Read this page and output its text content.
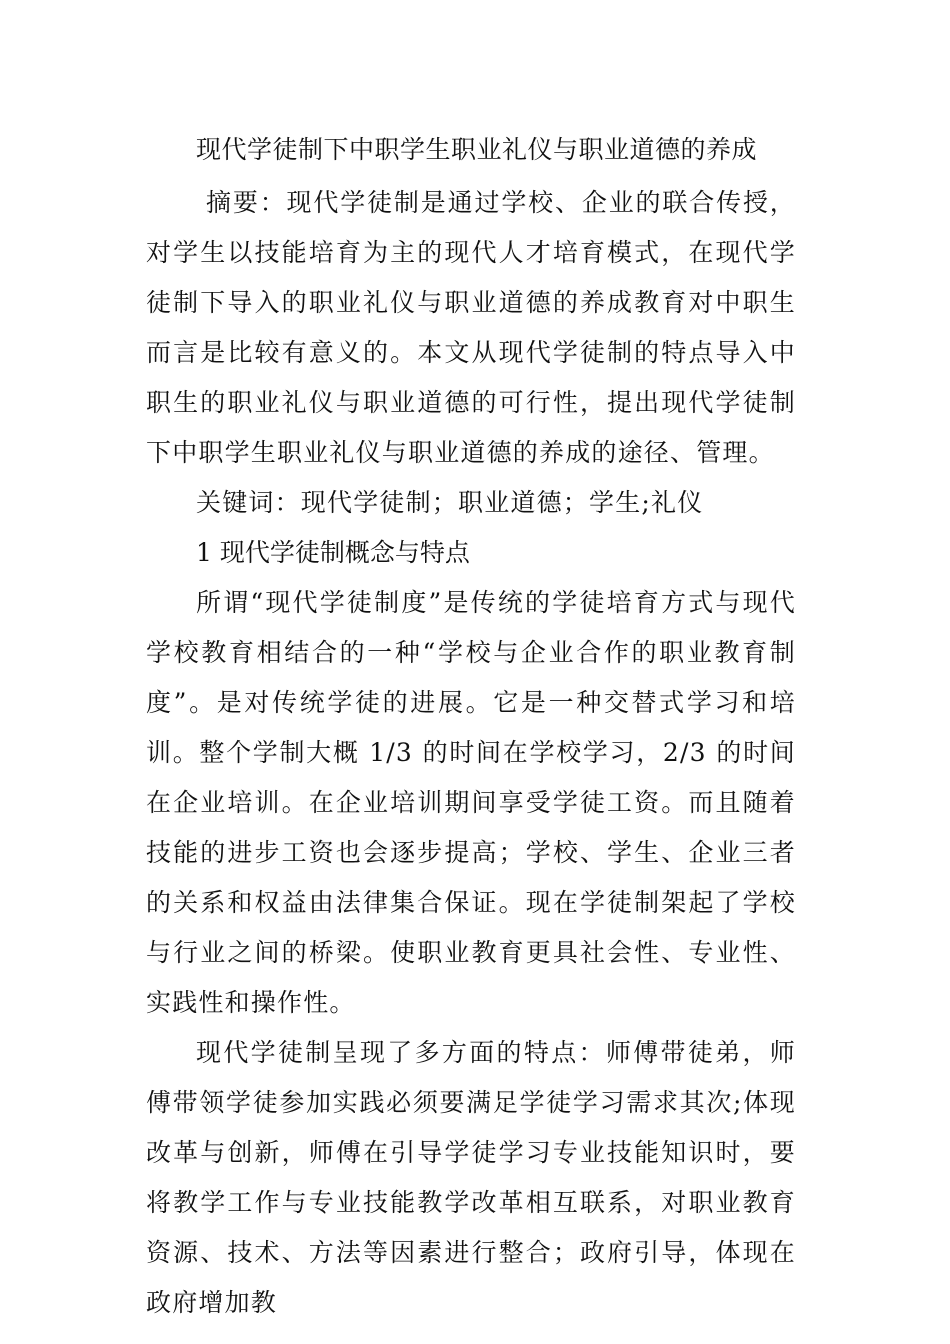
现代学徒制下中职学生职业礼仪与职业道德的养成

摘要：现代学徒制是通过学校、企业的联合传授，对学生以技能培育为主的现代人才培育模式，在现代学徒制下导入的职业礼仪与职业道德的养成教育对中职生而言是比较有意义的。本文从现代学徒制的特点导入中职生的职业礼仪与职业道德的可行性，提出现代学徒制下中职学生职业礼仪与职业道德的养成的途径、管理。

关键词：现代学徒制；职业道德；学生;礼仪

1 现代学徒制概念与特点

所谓“现代学徒制度”是传统的学徒培育方式与现代学校教育相结合的一种“学校与企业合作的职业教育制度”。是对传统学徒的进展。它是一种交替式学习和培训。整个学制大概 1/3 的时间在学校学习，2/3 的时间在企业培训。在企业培训期间享受学徒工资。而且随着技能的进步工资也会逐步提高；学校、学生、企业三者的关系和权益由法律集合保证。现在学徒制架起了学校与行业之间的桥梁。使职业教育更具社会性、专业性、实践性和操作性。

现代学徒制呈现了多方面的特点：师傅带徒弟，师傅带领学徒参加实践必须要满足学徒学习需求其次;体现改革与创新，师傅在引导学徒学习专业技能知识时，要将教学工作与专业技能教学改革相互联系，对职业教育资源、技术、方法等因素进行整合；政府引导，体现在政府增加教
